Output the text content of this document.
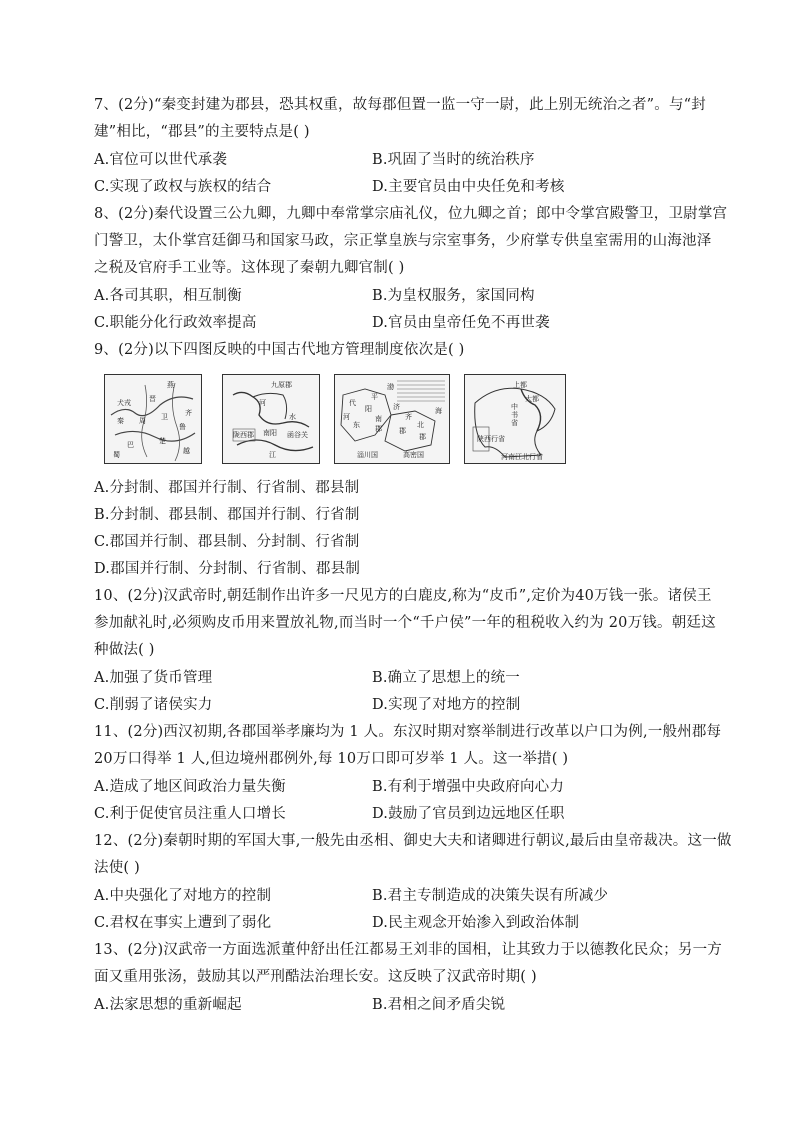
7、(2分)“秦变封建为郡县，恐其权重，故每郡但置一监一守一尉，此上别无统治之者”。与“封
建”相比，“郡县”的主要特点是( )
A.官位可以世代承袭	B.巩固了当时的统治秩序
C.实现了政权与族权的结合	D.主要官员由中央任免和考核
8、(2分)秦代设置三公九卿，九卿中奉常掌宗庙礼仪，位九卿之首；郎中令掌宫殿警卫，卫尉掌宫
门警卫，太仆掌宫廷御马和国家马政，宗正掌皇族与宗室事务，少府掌专供皇室需用的山海池泽
之税及官府手工业等。这体现了秦朝九卿官制( )
A.各司其职，相互制衡	B.为皇权服务，家国同构
C.职能分化行政效率提高	D.官员由皇帝任免不再世袭
9、(2分)以下四图反映的中国古代地方管理制度依次是( )
燕
犬戎	晋
秦 周 卫 齐
鲁
楚
越
巴
蜀
九原郡
河
陇西郡 南阳
水
函谷关
江
代
平
渤
阳
河
东
海
济
齐
南
北
郡 郡
郡
淄川国	高密国
上都
大都
中
书
省
陕西行省
河南江北行省
A.分封制、郡国并行制、行省制、郡县制
B.分封制、郡县制、郡国并行制、行省制
C.郡国并行制、郡县制、分封制、行省制
D.郡国并行制、分封制、行省制、郡县制
10、(2分)汉武帝时,朝廷制作出许多一尺见方的白鹿皮,称为“皮币”,定价为40万钱一张。诸侯王
参加献礼时,必须购皮币用来置放礼物,而当时一个“千户侯”一年的租税收入约为 20万钱。朝廷这
种做法( )
A.加强了货币管理	B.确立了思想上的统一
C.削弱了诸侯实力	D.实现了对地方的控制
11、(2分)西汉初期,各郡国举孝廉均为 1 人。东汉时期对察举制进行改革以户口为例,一般州郡每
20万口得举 1 人,但边境州郡例外,每 10万口即可岁举 1 人。这一举措( )
A.造成了地区间政治力量失衡	B.有利于增强中央政府向心力
C.利于促使官员注重人口增长	D.鼓励了官员到边远地区任职
12、(2分)秦朝时期的军国大事,一般先由丞相、御史大夫和诸卿进行朝议,最后由皇帝裁决。这一做
法使( )
A.中央强化了对地方的控制	B.君主专制造成的决策失误有所减少
C.君权在事实上遭到了弱化	D.民主观念开始渗入到政治体制
13、(2分)汉武帝一方面选派董仲舒出任江都易王刘非的国相，让其致力于以德教化民众；另一方
面又重用张汤，鼓励其以严刑酷法治理长安。这反映了汉武帝时期( )
A.法家思想的重新崛起	B.君相之间矛盾尖锐
